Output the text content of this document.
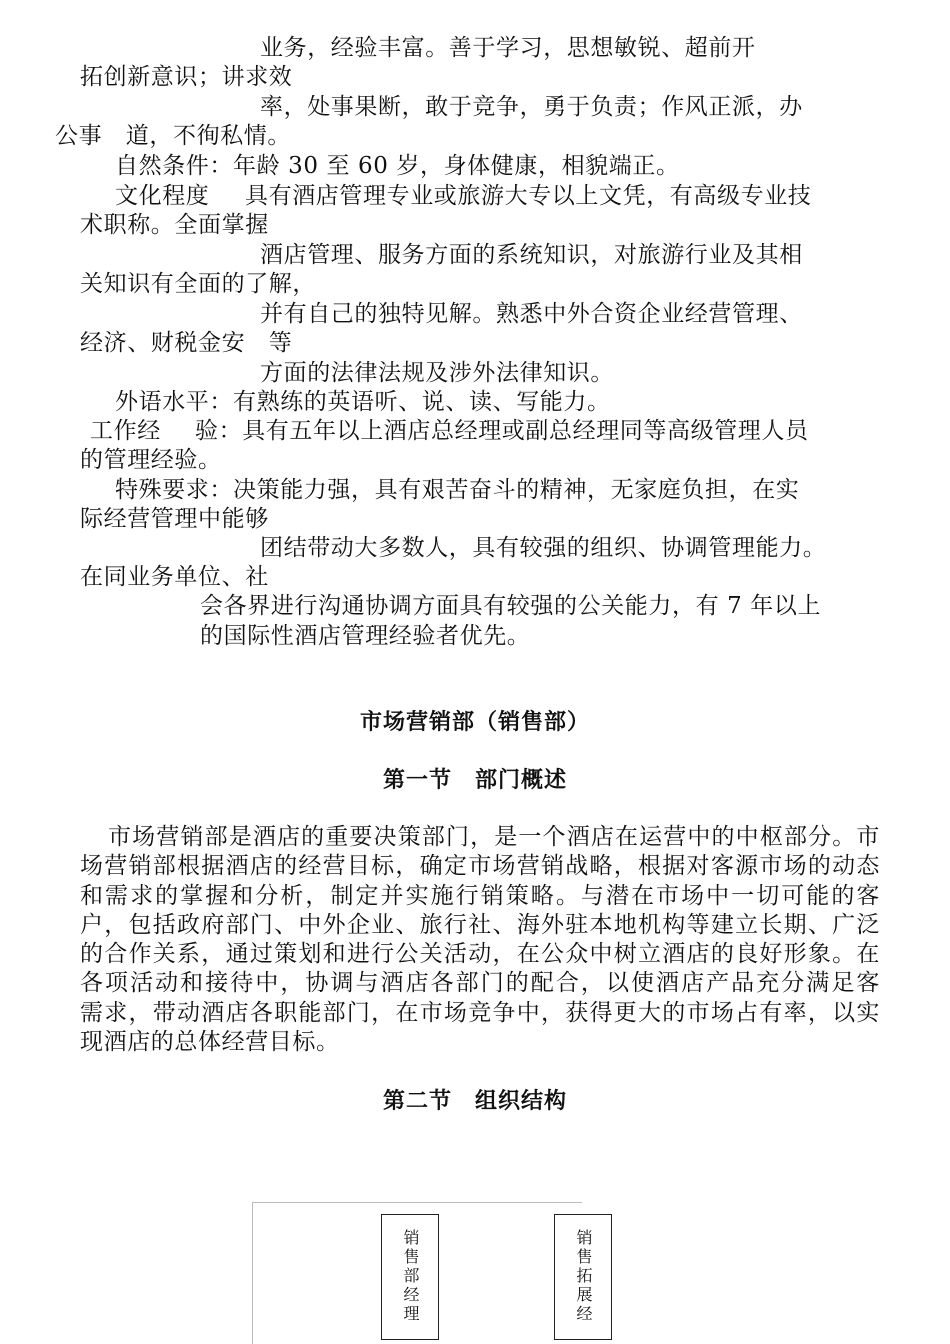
业务，经验丰富。善于学习，思想敏锐、超前开
拓创新意识；讲求效
率，处事果断，敢于竞争，勇于负责；作风正派，办
公事　道，不徇私情。
自然条件：年龄 30 至 60 岁，身体健康，相貌端正。
文化程度 具有酒店管理专业或旅游大专以上文凭，有高级专业技
术职称。全面掌握
酒店管理、服务方面的系统知识，对旅游行业及其相
关知识有全面的了解，
并有自己的独特见解。熟悉中外合资企业经营管理、
经济、财税金安　等
方面的法律法规及涉外法律知识。
外语水平：有熟练的英语听、说、读、写能力。
工作经 验：具有五年以上酒店总经理或副总经理同等高级管理人员
的管理经验。
特殊要求：决策能力强，具有艰苦奋斗的精神，无家庭负担，在实
际经营管理中能够
团结带动大多数人，具有较强的组织、协调管理能力。
在同业务单位、社
会各界进行沟通协调方面具有较强的公关能力，有 7 年以上
的国际性酒店管理经验者优先。
市场营销部（销售部）
第一节　部门概述
市场营销部是酒店的重要决策部门，是一个酒店在运营中的中枢部分。市场营销部根据酒店的经营目标，确定市场营销战略，根据对客源市场的动态和需求的掌握和分析，制定并实施行销策略。与潜在市场中一切可能的客户，包括政府部门、中外企业、旅行社、海外驻本地机构等建立长期、广泛的合作关系，通过策划和进行公关活动，在公众中树立酒店的良好形象。在各项活动和接待中，协调与酒店各部门的配合，以使酒店产品充分满足客　需求，带动酒店各职能部门，在市场竞争中，获得更大的市场占有率，以实现酒店的总体经营目标。
第二节　组织结构
销售部经理	销售拓展经
